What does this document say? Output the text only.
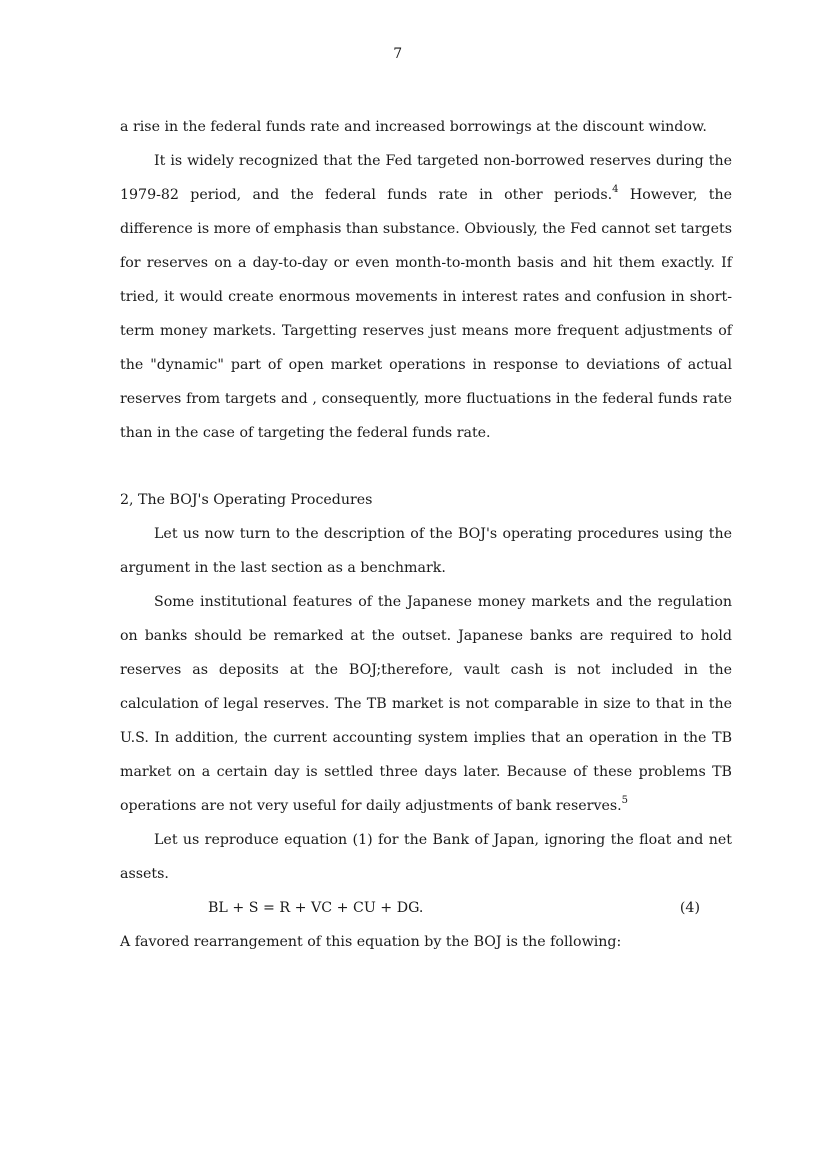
7

a rise in the federal funds rate and increased borrowings at the discount window.

It is widely recognized that the Fed targeted non-borrowed reserves during the 1979-82 period, and the federal funds rate in other periods.$^4$ However, the difference is more of emphasis than substance. Obviously, the Fed cannot set targets for reserves on a day-to-day or even month-to-month basis and hit them exactly. If tried, it would create enormous movements in interest rates and confusion in short-term money markets. Targetting reserves just means more frequent adjustments of the "dynamic" part of open market operations in response to deviations of actual reserves from targets and , consequently, more fluctuations in the federal funds rate than in the case of targeting the federal funds rate.

2, The BOJ's Operating Procedures

Let us now turn to the description of the BOJ's operating procedures using the argument in the last section as a benchmark.

Some institutional features of the Japanese money markets and the regulation on banks should be remarked at the outset. Japanese banks are required to hold reserves as deposits at the BOJ;therefore, vault cash is not included in the calculation of legal reserves. The TB market is not comparable in size to that in the U.S. In addition, the current accounting system implies that an operation in the TB market on a certain day is settled three days later. Because of these problems TB operations are not very useful for daily adjustments of bank reserves.$^5$

Let us reproduce equation (1) for the Bank of Japan, ignoring the float and net assets.

BL + S = R + VC + CU + DG.	(4)

A favored rearrangement of this equation by the BOJ is the following:
